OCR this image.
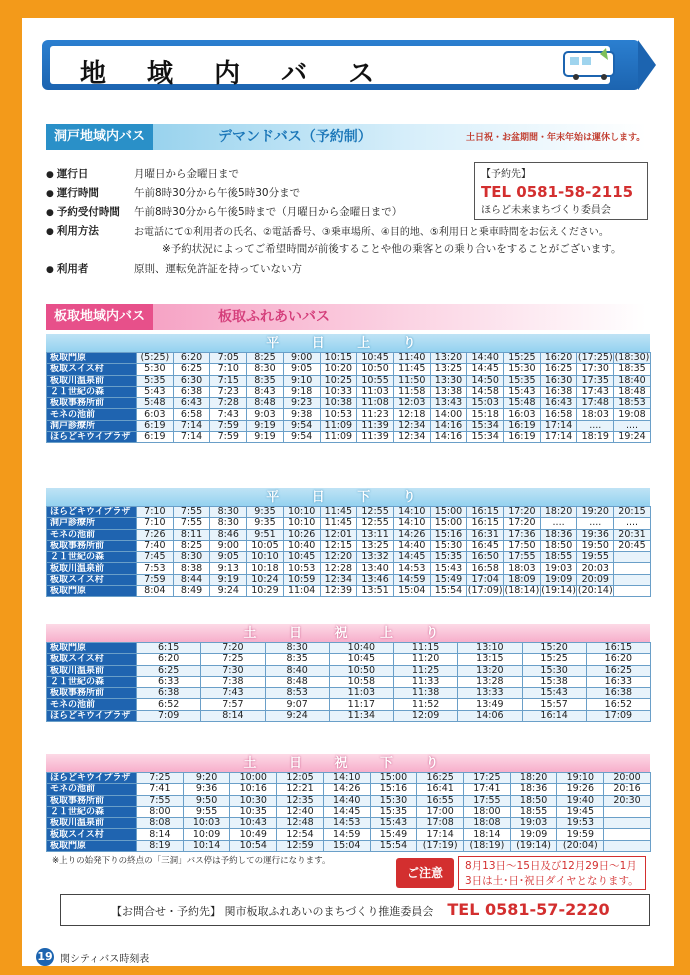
地 域 内 バ ス
洞戸地域内バス	デマンドバス（予約制）	土日祝・お盆期間・年末年始は運休します。
● 運行日	月曜日から金曜日まで
● 運行時間	午前8時30分から午後5時30分まで
● 予約受付時間	午前8時30分から午後5時まで（月曜日から金曜日まで）
● 利用方法	お電話にて①利用者の氏名、②電話番号、③乗車場所、④目的地、⑤利用日と乗車時間をお伝えください。
※予約状況によってご希望時間が前後することや他の乗客との乗り合いをすることがございます。
● 利用者	原則、運転免許証を持っていない方
【予約先】
TEL 0581-58-2115
ほらど未来まちづくり委員会
板取地域内バス	板取ふれあいバス
平 日 上 り
板取門原	(5:25)	6:20	7:05	8:25	9:00	10:15	10:45	11:40	13:20	14:40	15:25	16:20	(17:25)	(18:30)
板取スイス村	5:30	6:25	7:10	8:30	9:05	10:20	10:50	11:45	13:25	14:45	15:30	16:25	17:30	18:35
板取川温泉前	5:35	6:30	7:15	8:35	9:10	10:25	10:55	11:50	13:30	14:50	15:35	16:30	17:35	18:40
２１世紀の森	5:43	6:38	7:23	8:43	9:18	10:33	11:03	11:58	13:38	14:58	15:43	16:38	17:43	18:48
板取事務所前	5:48	6:43	7:28	8:48	9:23	10:38	11:08	12:03	13:43	15:03	15:48	16:43	17:48	18:53
モネの池前	6:03	6:58	7:43	9:03	9:38	10:53	11:23	12:18	14:00	15:18	16:03	16:58	18:03	19:08
洞戸診療所	6:19	7:14	7:59	9:19	9:54	11:09	11:39	12:34	14:16	15:34	16:19	17:14	....	....
ほらどキウイプラザ	6:19	7:14	7:59	9:19	9:54	11:09	11:39	12:34	14:16	15:34	16:19	17:14	18:19	19:24
平 日 下 り
ほらどキウイプラザ	7:10	7:55	8:30	9:35	10:10	11:45	12:55	14:10	15:00	16:15	17:20	18:20	19:20	20:15
洞戸診療所	7:10	7:55	8:30	9:35	10:10	11:45	12:55	14:10	15:00	16:15	17:20	....	....	....
モネの池前	7:26	8:11	8:46	9:51	10:26	12:01	13:11	14:26	15:16	16:31	17:36	18:36	19:36	20:31
板取事務所前	7:40	8:25	9:00	10:05	10:40	12:15	13:25	14:40	15:30	16:45	17:50	18:50	19:50	20:45
２１世紀の森	7:45	8:30	9:05	10:10	10:45	12:20	13:32	14:45	15:35	16:50	17:55	18:55	19:55	
板取川温泉前	7:53	8:38	9:13	10:18	10:53	12:28	13:40	14:53	15:43	16:58	18:03	19:03	20:03	
板取スイス村	7:59	8:44	9:19	10:24	10:59	12:34	13:46	14:59	15:49	17:04	18:09	19:09	20:09	
板取門原	8:04	8:49	9:24	10:29	11:04	12:39	13:51	15:04	15:54	(17:09)	(18:14)	(19:14)	(20:14)	
土 日 祝 上 り
板取門原	6:15	7:20	8:30	10:40	11:15	13:10	15:20	16:15
板取スイス村	6:20	7:25	8:35	10:45	11:20	13:15	15:25	16:20
板取川温泉前	6:25	7:30	8:40	10:50	11:25	13:20	15:30	16:25
２１世紀の森	6:33	7:38	8:48	10:58	11:33	13:28	15:38	16:33
板取事務所前	6:38	7:43	8:53	11:03	11:38	13:33	15:43	16:38
モネの池前	6:52	7:57	9:07	11:17	11:52	13:49	15:57	16:52
ほらどキウイプラザ	7:09	8:14	9:24	11:34	12:09	14:06	16:14	17:09
土 日 祝 下 り
ほらどキウイプラザ	7:25	9:20	10:00	12:05	14:10	15:00	16:25	17:25	18:20	19:10	20:00
モネの池前	7:41	9:36	10:16	12:21	14:26	15:16	16:41	17:41	18:36	19:26	20:16
板取事務所前	7:55	9:50	10:30	12:35	14:40	15:30	16:55	17:55	18:50	19:40	20:30
２１世紀の森	8:00	9:55	10:35	12:40	14:45	15:35	17:00	18:00	18:55	19:45	
板取川温泉前	8:08	10:03	10:43	12:48	14:53	15:43	17:08	18:08	19:03	19:53	
板取スイス村	8:14	10:09	10:49	12:54	14:59	15:49	17:14	18:14	19:09	19:59	
板取門原	8:19	10:14	10:54	12:59	15:04	15:54	(17:19)	(18:19)	(19:14)	(20:04)	
※上りの始発下りの終点の「三洞」バス停は予約しての運行になります。
ご注意	8月13日～15日及び12月29日～1月3日は土･日･祝日ダイヤとなります。
【お問合せ・予約先】 関市板取ふれあいのまちづくり推進委員会 TEL 0581-57-2220
19 関シティバス時刻表
